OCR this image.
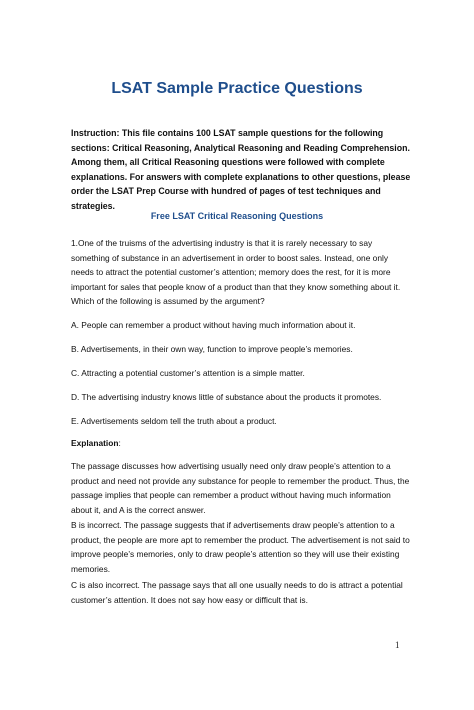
LSAT Sample Practice Questions

Instruction: This file contains 100 LSAT sample questions for the following sections: Critical Reasoning, Analytical Reasoning and Reading Comprehension. Among them, all Critical Reasoning questions were followed with complete explanations. For answers with complete explanations to other questions, please order the LSAT Prep Course with hundred of pages of test techniques and strategies.

Free LSAT Critical Reasoning Questions

1.One of the truisms of the advertising industry is that it is rarely necessary to say something of substance in an advertisement in order to boost sales. Instead, one only needs to attract the potential customer’s attention; memory does the rest, for it is more important for sales that people know of a product than that they know something about it.

Which of the following is assumed by the argument?

A. People can remember a product without having much information about it.

B. Advertisements, in their own way, function to improve people’s memories.

C. Attracting a potential customer’s attention is a simple matter.

D. The advertising industry knows little of substance about the products it promotes.

E. Advertisements seldom tell the truth about a product.

Explanation:

The passage discusses how advertising usually need only draw people’s attention to a product and need not provide any substance for people to remember the product. Thus, the passage implies that people can remember a product without having much information about it, and A is the correct answer.

B is incorrect. The passage suggests that if advertisements draw people’s attention to a product, the people are more apt to remember the product. The advertisement is not said to improve people’s memories, only to draw people’s attention so they will use their existing memories.

C is also incorrect. The passage says that all one usually needs to do is attract a potential customer’s attention. It does not say how easy or difficult that is.

1
